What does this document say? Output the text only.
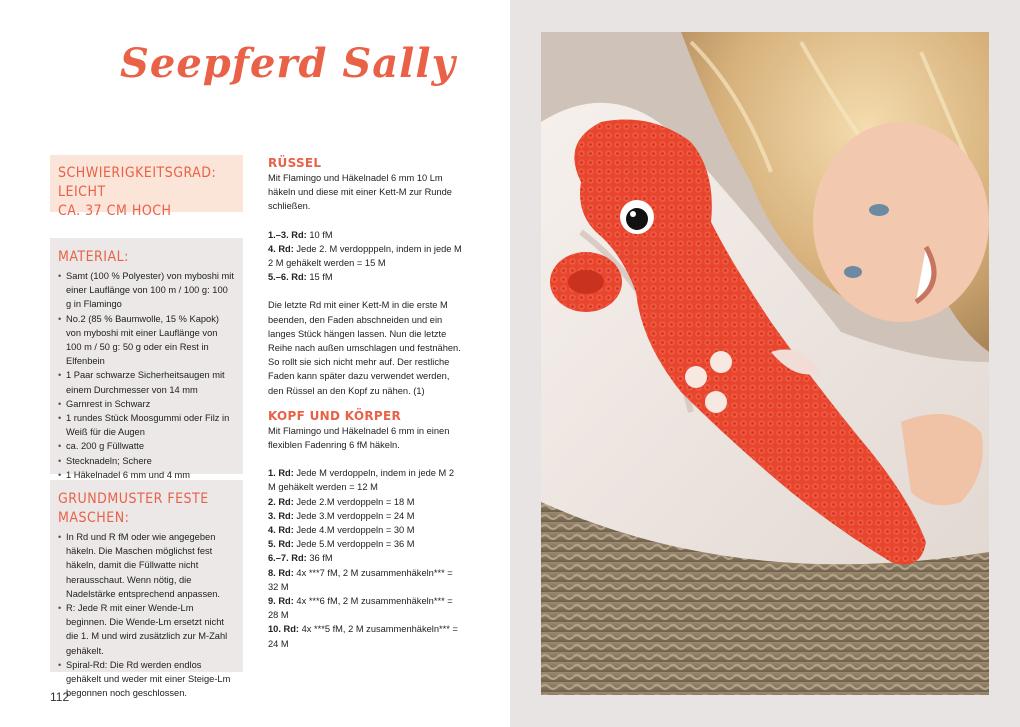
Seepferd Sally
SCHWIERIGKEITSGRAD: LEICHT
CA. 37 CM HOCH
MATERIAL:
• Samt (100 % Polyester) von myboshi mit einer Lauflänge von 100 m / 100 g: 100 g in Flamingo
• No.2 (85 % Baumwolle, 15 % Kapok) von myboshi mit einer Lauflänge von 100 m / 50 g: 50 g oder ein Rest in Elfenbein
• 1 Paar schwarze Sicherheitsaugen mit einem Durchmesser von 14 mm
• Garnrest in Schwarz
• 1 rundes Stück Moosgummi oder Filz in Weiß für die Augen
• ca. 200 g Füllwatte
• Stecknadeln; Schere
• 1 Häkelnadel 6 mm und 4 mm
GRUNDMUSTER FESTE MASCHEN:
• In Rd und R fM oder wie angegeben häkeln. Die Maschen möglichst fest häkeln, damit die Füllwatte nicht herausschaut. Wenn nötig, die Nadelstärke entsprechend anpassen.
• R: Jede R mit einer Wende-Lm beginnen. Die Wende-Lm ersetzt nicht die 1. M und wird zusätzlich zur M-Zahl gehäkelt.
• Spiral-Rd: Die Rd werden endlos gehäkelt und weder mit einer Steige-Lm begonnen noch geschlossen.
RÜSSEL
Mit Flamingo und Häkelnadel 6 mm 10 Lm häkeln und diese mit einer Kett-M zur Runde schließen.
1.–3. Rd: 10 fM
4. Rd: Jede 2. M verdopppeln, indem in jede M 2 M gehäkelt werden = 15 M
5.–6. Rd: 15 fM
Die letzte Rd mit einer Kett-M in die erste M beenden, den Faden abschneiden und ein langes Stück hängen lassen. Nun die letzte Reihe nach außen umschlagen und festnähen. So rollt sie sich nicht mehr auf. Der restliche Faden kann später dazu verwendet werden, den Rüssel an den Kopf zu nähen. (1)
KOPF UND KÖRPER
Mit Flamingo und Häkelnadel 6 mm in einen flexiblen Fadenring 6 fM häkeln.
1. Rd: Jede M verdoppeln, indem in jede M 2 M gehäkelt werden = 12 M
2. Rd: Jede 2.M verdoppeln = 18 M
3. Rd: Jede 3.M verdoppeln = 24 M
4. Rd: Jede 4.M verdoppeln = 30 M
5. Rd: Jede 5.M verdoppeln = 36 M
6.–7. Rd: 36 fM
8. Rd: 4x ***7 fM, 2 M zusammenhäkeln*** = 32 M
9. Rd: 4x ***6 fM, 2 M zusammenhäkeln*** = 28 M
10. Rd: 4x ***5 fM, 2 M zusammenhäkeln*** = 24 M
112
